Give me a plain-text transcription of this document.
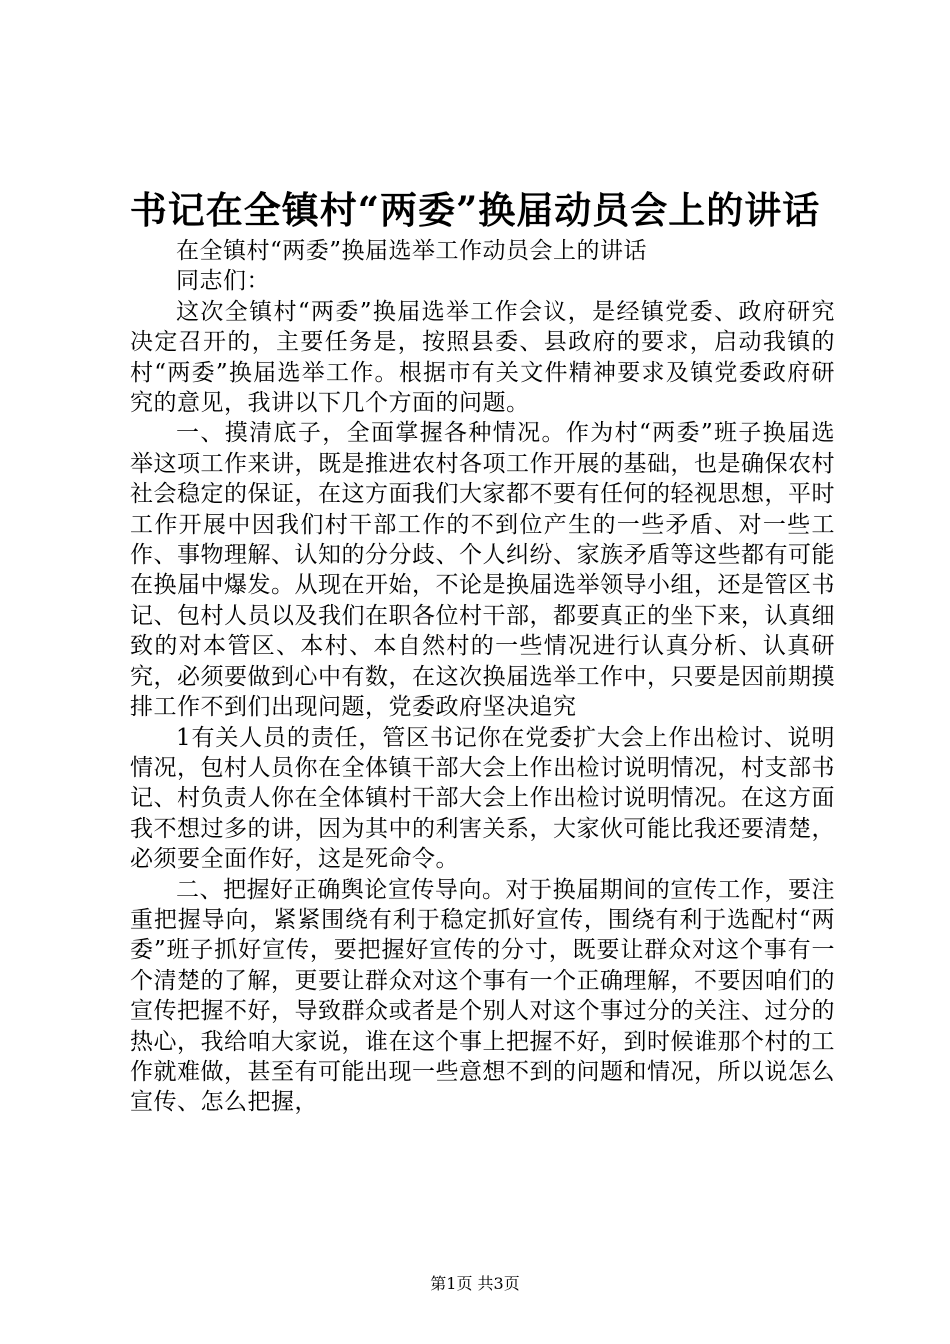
书记在全镇村“两委”换届动员会上的讲话

在全镇村“两委”换届选举工作动员会上的讲话

同志们：

这次全镇村“两委”换届选举工作会议，是经镇党委、政府研究决定召开的，主要任务是，按照县委、县政府的要求，启动我镇的村“两委”换届选举工作。根据市有关文件精神要求及镇党委政府研究的意见，我讲以下几个方面的问题。

一、摸清底子，全面掌握各种情况。作为村“两委”班子换届选举这项工作来讲，既是推进农村各项工作开展的基础，也是确保农村社会稳定的保证，在这方面我们大家都不要有任何的轻视思想，平时工作开展中因我们村干部工作的不到位产生的一些矛盾、对一些工作、事物理解、认知的分分歧、个人纠纷、家族矛盾等这些都有可能在换届中爆发。从现在开始，不论是换届选举领导小组，还是管区书记、包村人员以及我们在职各位村干部，都要真正的坐下来，认真细致的对本管区、本村、本自然村的一些情况进行认真分析、认真研究，必须要做到心中有数，在这次换届选举工作中，只要是因前期摸排工作不到们出现问题，党委政府坚决追究

1有关人员的责任，管区书记你在党委扩大会上作出检讨、说明情况，包村人员你在全体镇干部大会上作出检讨说明情况，村支部书记、村负责人你在全体镇村干部大会上作出检讨说明情况。在这方面我不想过多的讲，因为其中的利害关系，大家伙可能比我还要清楚，必须要全面作好，这是死命令。

二、把握好正确舆论宣传导向。对于换届期间的宣传工作，要注重把握导向，紧紧围绕有利于稳定抓好宣传，围绕有利于选配村“两委”班子抓好宣传，要把握好宣传的分寸，既要让群众对这个事有一个清楚的了解，更要让群众对这个事有一个正确理解，不要因咱们的宣传把握不好，导致群众或者是个别人对这个事过分的关注、过分的热心，我给咱大家说，谁在这个事上把握不好，到时候谁那个村的工作就难做，甚至有可能出现一些意想不到的问题和情况，所以说怎么宣传、怎么把握，

第1页 共3页
